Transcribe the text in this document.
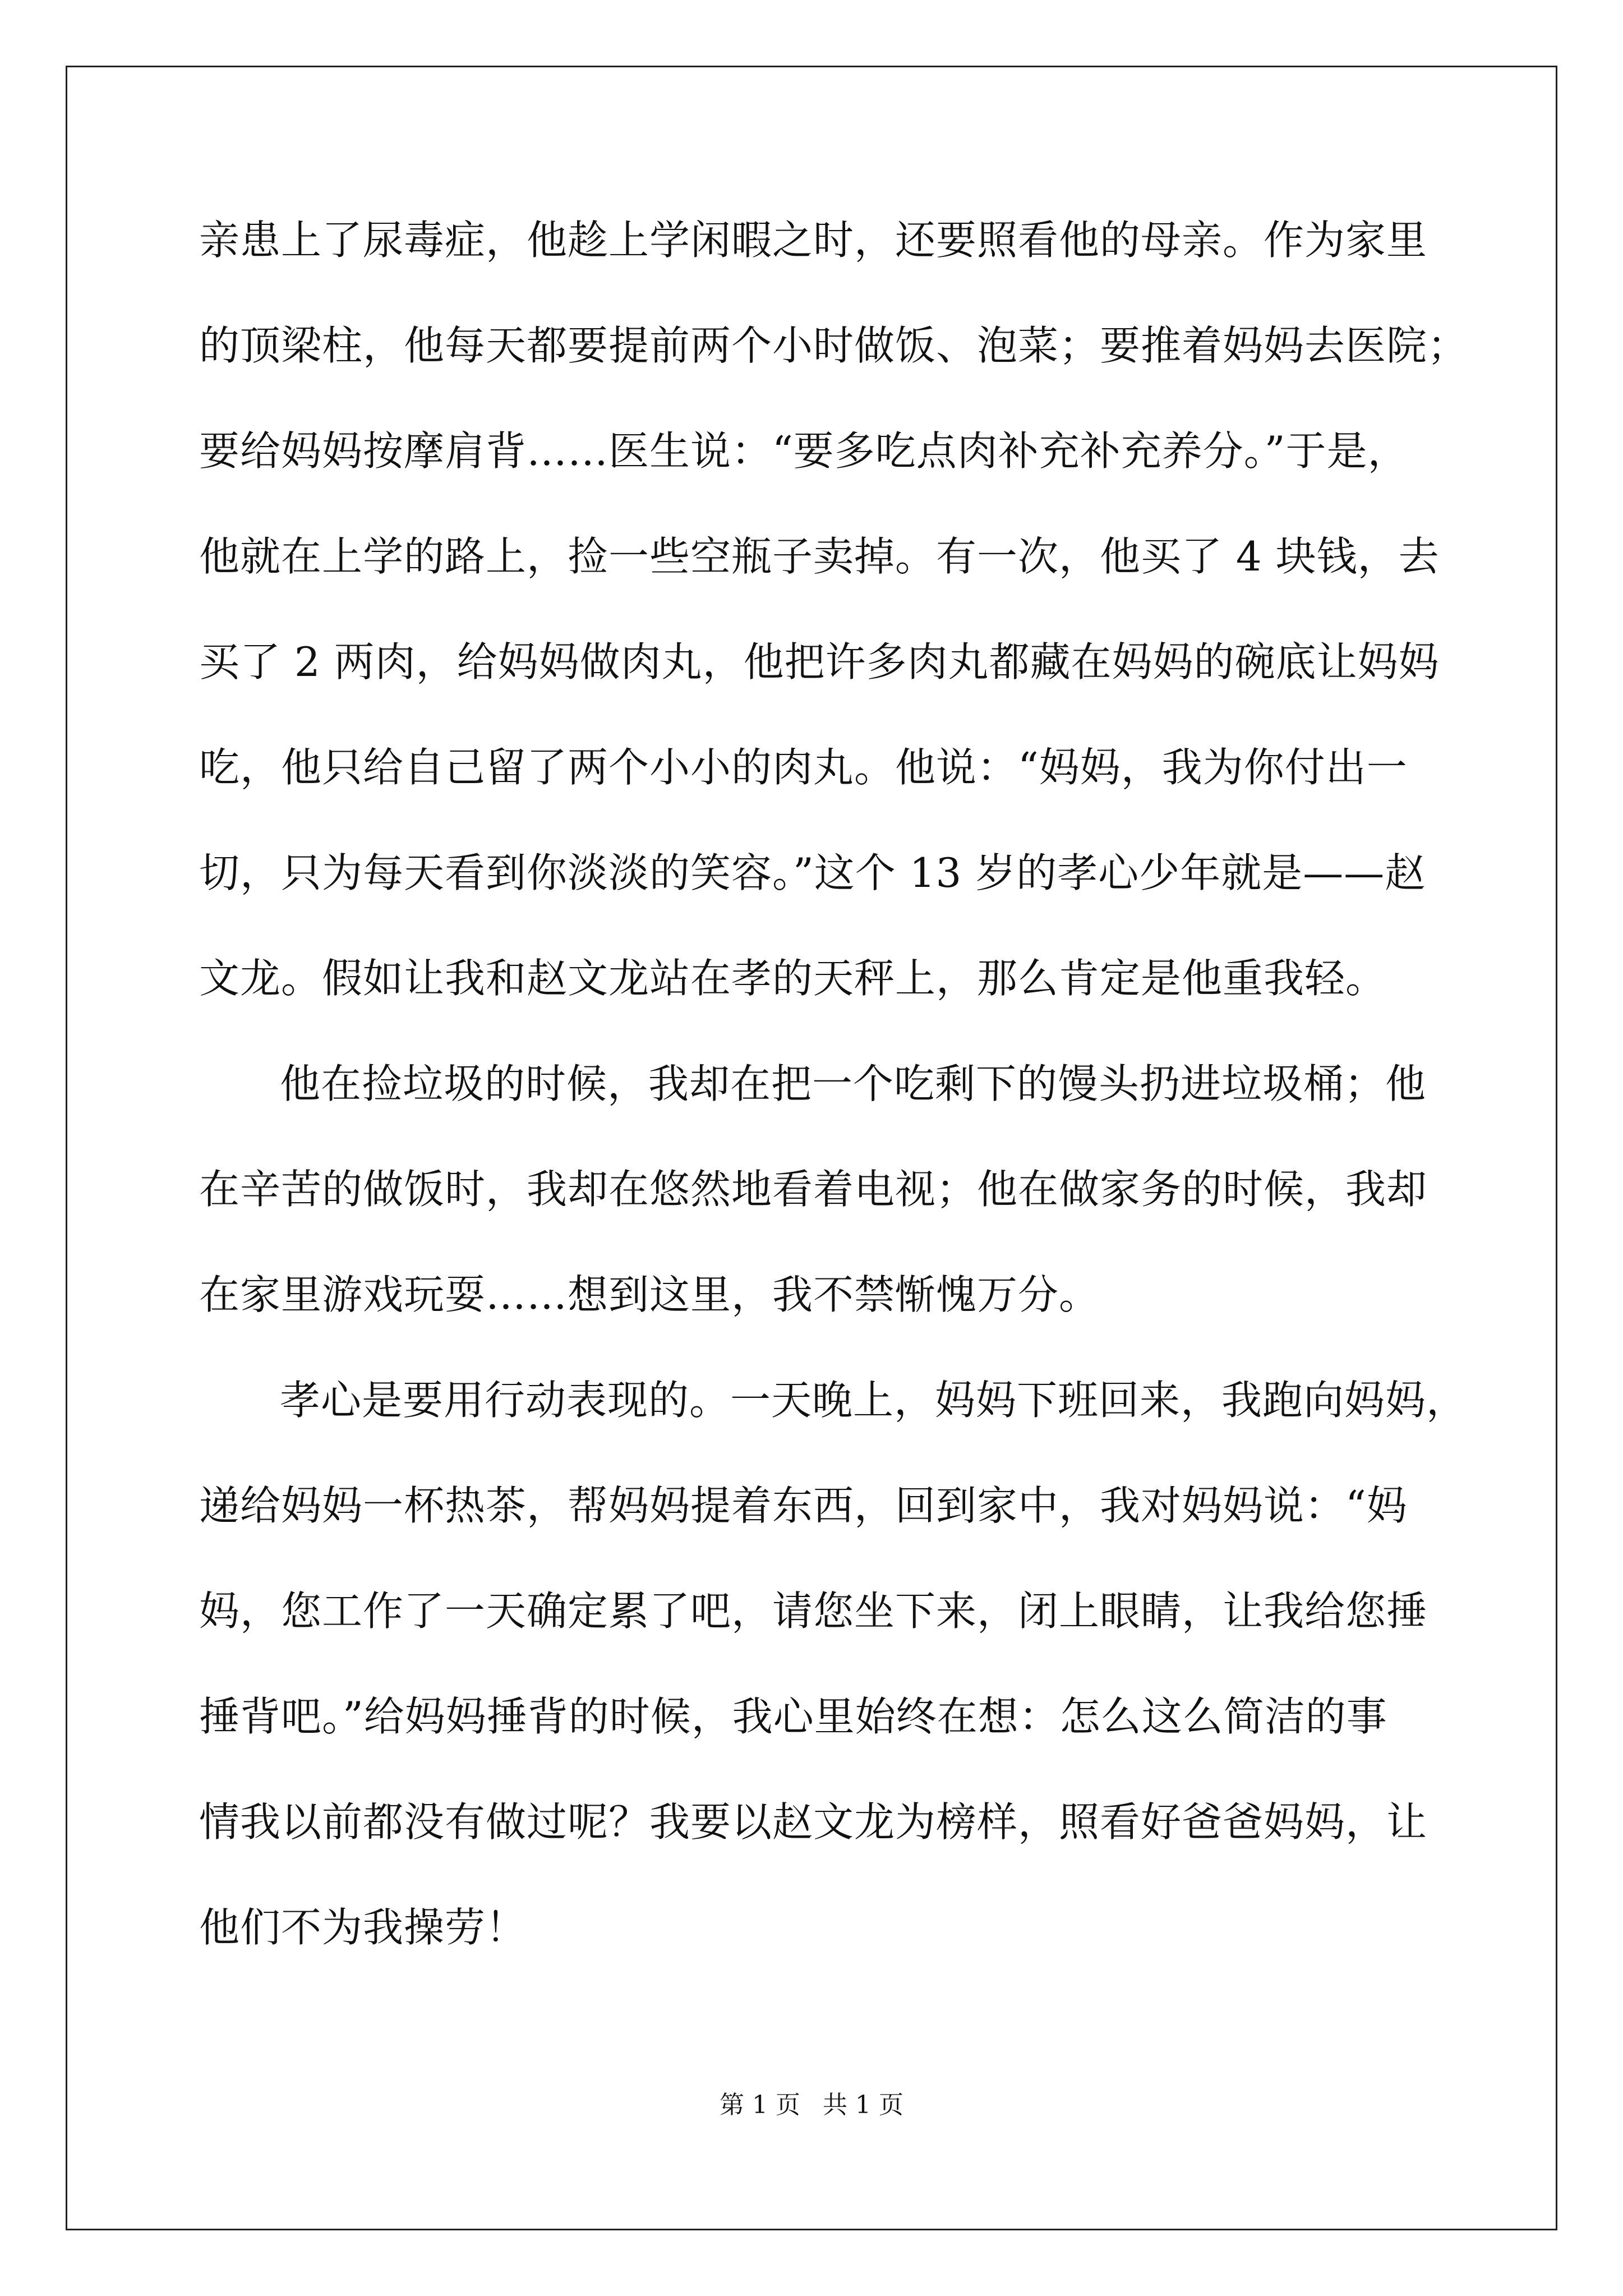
亲患上了尿毒症，他趁上学闲暇之时，还要照看他的母亲。作为家里
的顶梁柱，他每天都要提前两个小时做饭、泡菜；要推着妈妈去医院；
要给妈妈按摩肩背……医生说：“要多吃点肉补充补充养分。”于是，
他就在上学的路上，捡一些空瓶子卖掉。有一次，他买了 4 块钱，去
买了 2 两肉，给妈妈做肉丸，他把许多肉丸都藏在妈妈的碗底让妈妈
吃，他只给自己留了两个小小的肉丸。他说：“妈妈，我为你付出一
切，只为每天看到你淡淡的笑容。”这个 13 岁的孝心少年就是——赵
文龙。假如让我和赵文龙站在孝的天秤上，那么肯定是他重我轻。
他在捡垃圾的时候，我却在把一个吃剩下的馒头扔进垃圾桶；他
在辛苦的做饭时，我却在悠然地看着电视；他在做家务的时候，我却
在家里游戏玩耍……想到这里，我不禁惭愧万分。
孝心是要用行动表现的。一天晚上，妈妈下班回来，我跑向妈妈，
递给妈妈一杯热茶，帮妈妈提着东西，回到家中，我对妈妈说：“妈
妈，您工作了一天确定累了吧，请您坐下来，闭上眼睛，让我给您捶
捶背吧。”给妈妈捶背的时候，我心里始终在想：怎么这么简洁的事
情我以前都没有做过呢？我要以赵文龙为榜样，照看好爸爸妈妈，让
他们不为我操劳！
第 1 页 共 1 页
